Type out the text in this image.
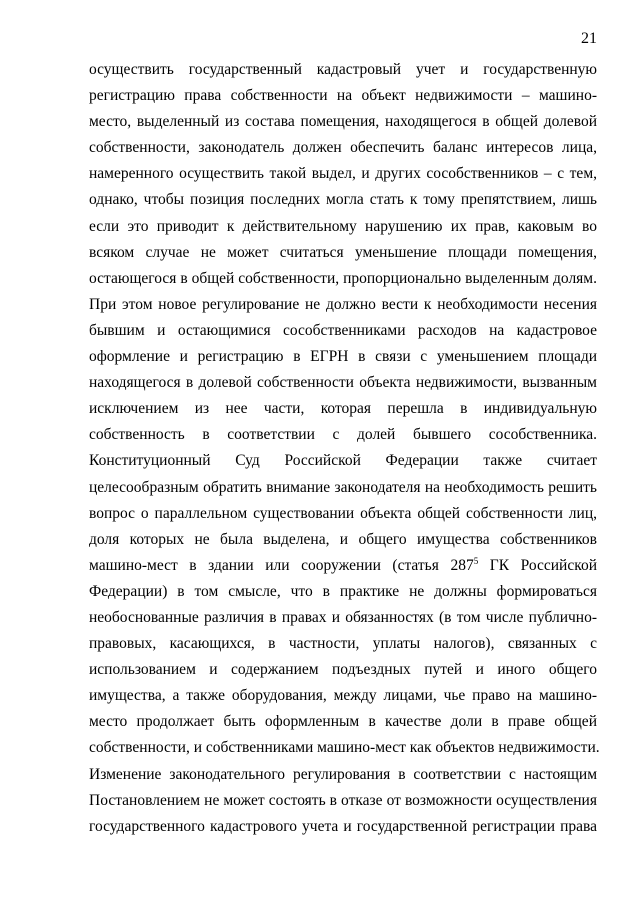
21
осуществить государственный кадастровый учет и государственную
регистрацию права собственности на объект недвижимости – машино-
место, выделенный из состава помещения, находящегося в общей долевой
собственности, законодатель должен обеспечить баланс интересов лица,
намеренного осуществить такой выдел, и других сособственников – с тем,
однако, чтобы позиция последних могла стать к тому препятствием, лишь
если это приводит к действительному нарушению их прав, каковым во
всяком случае не может считаться уменьшение площади помещения,
остающегося в общей собственности, пропорционально выделенным долям.
При этом новое регулирование не должно вести к необходимости несения
бывшим и остающимися сособственниками расходов на кадастровое
оформление и регистрацию в ЕГРН в связи с уменьшением площади
находящегося в долевой собственности объекта недвижимости, вызванным
исключением из нее части, которая перешла в индивидуальную
собственность в соответствии с долей бывшего сособственника.
Конституционный Суд Российской Федерации также считает
целесообразным обратить внимание законодателя на необходимость решить
вопрос о параллельном существовании объекта общей собственности лиц,
доля которых не была выделена, и общего имущества собственников
машино-мест в здании или сооружении (статья $287^5$ ГК Российской
Федерации) в том смысле, что в практике не должны формироваться
необоснованные различия в правах и обязанностях (в том числе публично-
правовых, касающихся, в частности, уплаты налогов), связанных с
использованием и содержанием подъездных путей и иного общего
имущества, а также оборудования, между лицами, чье право на машино-
место продолжает быть оформленным в качестве доли в праве общей
собственности, и собственниками машино-мест как объектов недвижимости.
Изменение законодательного регулирования в соответствии с настоящим
Постановлением не может состоять в отказе от возможности осуществления
государственного кадастрового учета и государственной регистрации права
